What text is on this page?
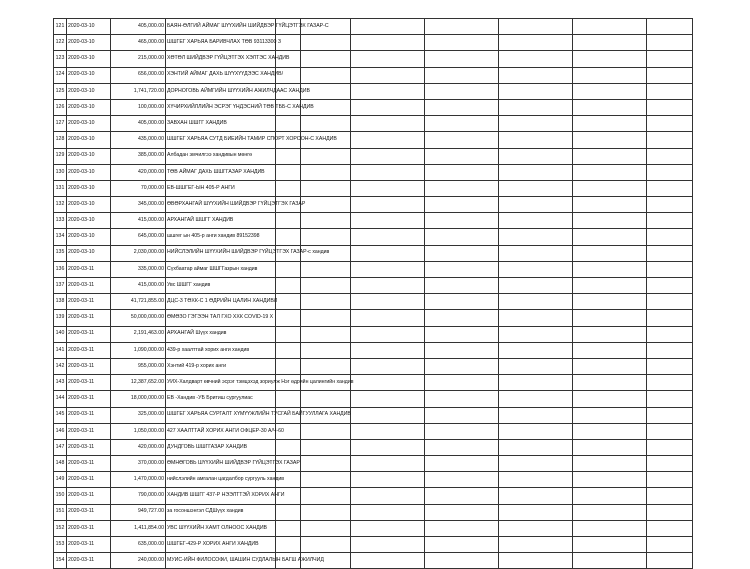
121	2020-03-10	405,000.00	БАЯН-ӨЛГИЙ АЙМАГ ШҮҮХИЙН ШИЙДВЭР ГҮЙЦЭТГЭХ ГАЗАР-С							
122	2020-03-10	465,000.00	ШШГЕГ ХАРЬЯА БАРИВЧЛАХ ТӨВ 93113300 З							
123	2020-03-10	215,000.00	ХӨТӨЛ ШИЙДВЭР ГҮЙЦЭТГЭХ ХЭЛТЭС ХАНДИВ							
124	2020-03-10	656,000.00	ХЭНТИЙ АЙМАГ ДАХЬ ШҮҮХҮҮДЭЭС ХАНДИВ/							
125	2020-03-10	1,741,720.00	ДОРНОГОВЬ АЙМГИЙН ШҮҮХИЙН АЖИЛЧДААС ХАНДИВ							
126	2020-03-10	100,000.00	ХҮЧИРХИЙЛЛИЙН ЭСРЭГ ҮНДЭСНИЙ ТӨВ ТББ-С ХАНДИВ							
127	2020-03-10	405,000.00	ЗАВХАН ШШГГ ХАНДИВ							
128	2020-03-10	435,000.00	ШШГЕГ ХАРЬЯА СУТД БИЕИЙН ТАМИР СПОРТ ХОРООН-С ХАНДИВ							
129	2020-03-10	385,000.00	Албадан эмчилгээ хандивын мөнгө							
130	2020-03-10	420,000.00	ТӨВ АЙМАГ ДАХЬ ШШГГАЗАР ХАНДИВ							
131	2020-03-10	70,000.00	ЕВ-ШШГЕГ-ЫН 405-Р АНГИ							
132	2020-03-10	345,000.00	ӨВӨРХАНГАЙ ШҮҮХИЙН ШИЙДВЭР ГҮЙЦЭТГЭХ ГАЗАР							
133	2020-03-10	415,000.00	АРХАНГАЙ ШШГГ ХАНДИВ							
134	2020-03-10	645,000.00	шшгег ын 405-р анги хандив 89152398							
135	2020-03-10	2,030,000.00	НИЙСЛЭЛИЙН ШҮҮХИЙН ШИЙДВЭР ГҮЙЦЭТГЭХ ГАЗАР-с хандив							
136	2020-03-11	335,000.00	Сүхбаатар аймаг ШШГГазрын хандив							
137	2020-03-11	415,000.00	Увс ШШГГ хандив							
138	2020-03-11	41,721,855.00	ДЦС-3 ТӨХК-С 1 ӨДРИЙН ЦАЛИН ХАНДИВЛ							
139	2020-03-11	50,000,000.00	ӨМӨЗО ГЭГЭЭН ТАЛ ГХО ХХК COVID-19 Х							
140	2020-03-11	2,191,463.00	АРХАНГАЙ Шүүх хандив							
141	2020-03-11	1,090,000.00	439-р хаалттай хорих анги хандив							
142	2020-03-11	955,000.00	Хэнтий 419-р хорих анги							
143	2020-03-11	12,387,652.00	УИХ-Халдварт өвчний эсрэг тэмцэхэд зориулж Нэг өдрийн цалингийн хандив							
144	2020-03-11	18,000,000.00	ЕВ -Хандив -УБ Бритиш сургуулиас							
145	2020-03-11	325,000.00	ШШГЕГ ХАРЬЯА СУРГАЛТ ХҮМҮҮЖЛИЙН ТУСГАЙ БАЙГУУЛЛАГА ХАНДИВ							
146	2020-03-11	1,050,000.00	427 ХААЛТТАЙ ХОРИХ АНГИ ОФЦЕР-30 А/Ч-60							
147	2020-03-11	420,000.00	ДУНДГОВЬ ШШГГАЗАР ХАНДИВ							
148	2020-03-11	370,000.00	ӨМНӨГОВЬ ШҮҮХИЙН ШИЙДВЭР ГҮЙЦЭТГЭХ ГАЗАР							
149	2020-03-11	1,470,000.00	нийслэлийн амгалан цагдалбор сургууль хандив							
150	2020-03-11	790,000.00	ХАНДИВ ШШГГ 437-Р НЭЭЛТТЭЙ ХОРИХ АНГИ							
151	2020-03-11	949,727.00	за госоншэнгэл СДШүүх хандив							
152	2020-03-11	1,411,854.00	УВС ШҮҮХИЙН ХАМТ ОЛНООС ХАНДИВ							
153	2020-03-11	635,000.00	ШШГЕГ-429-Р ХОРИХ АНГИ ХАНДИВ							
154	2020-03-11	240,000.00	МУИС-ИЙН ФИЛОСОФИ, ШАШИН СУДЛАЛЫН БАГШ АЖИЛЧИД							
